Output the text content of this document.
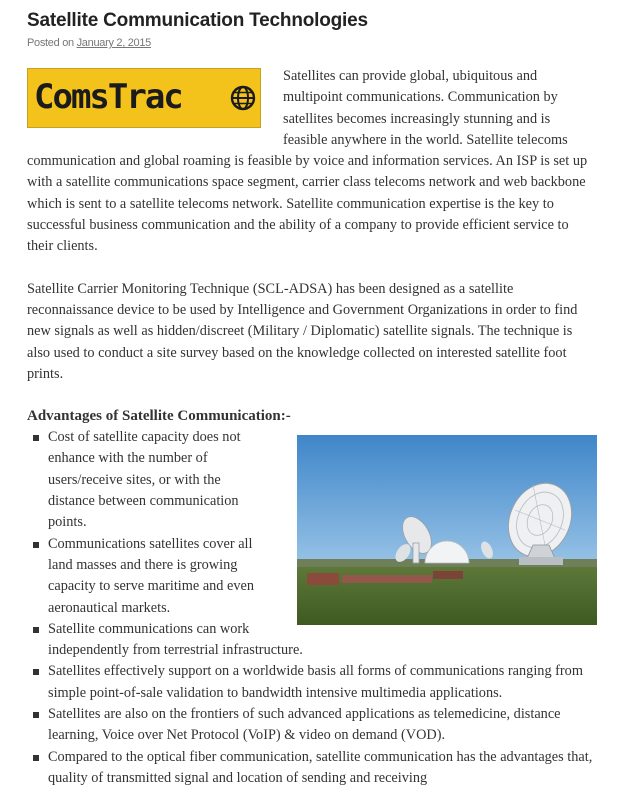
Satellite Communication Technologies
Posted on January 2, 2015
ComsTrac

Satellites can provide global, ubiquitous and multipoint communications. Communication by satellites becomes increasingly stunning and is feasible anywhere in the world. Satellite telecoms communication and global roaming is feasible by voice and information services. An ISP is set up with a satellite communications space segment, carrier class telecoms network and web backbone which is sent to a satellite telecoms network. Satellite communication expertise is the key to successful business communication and the ability of a company to provide efficient service to their clients.

Satellite Carrier Monitoring Technique (SCL-ADSA) has been designed as a satellite reconnaissance device to be used by Intelligence and Government Organizations in order to find new signals as well as hidden/discreet (Military / Diplomatic) satellite signals. The technique is also used to conduct a site survey based on the knowledge collected on interested satellite foot prints.

Advantages of Satellite Communication:-
Cost of satellite capacity does not enhance with the number of users/receive sites, or with the distance between communication points.
Communications satellites cover all land masses and there is growing capacity to serve maritime and even aeronautical markets.
Satellite communications can work independently from terrestrial infrastructure.
Satellites effectively support on a worldwide basis all forms of communications ranging from simple point-of-sale validation to bandwidth intensive multimedia applications.
Satellites are also on the frontiers of such advanced applications as telemedicine, distance learning, Voice over Net Protocol (VoIP) & video on demand (VOD).
Compared to the optical fiber communication, satellite communication has the advantages that, quality of transmitted signal and location of sending and receiving
